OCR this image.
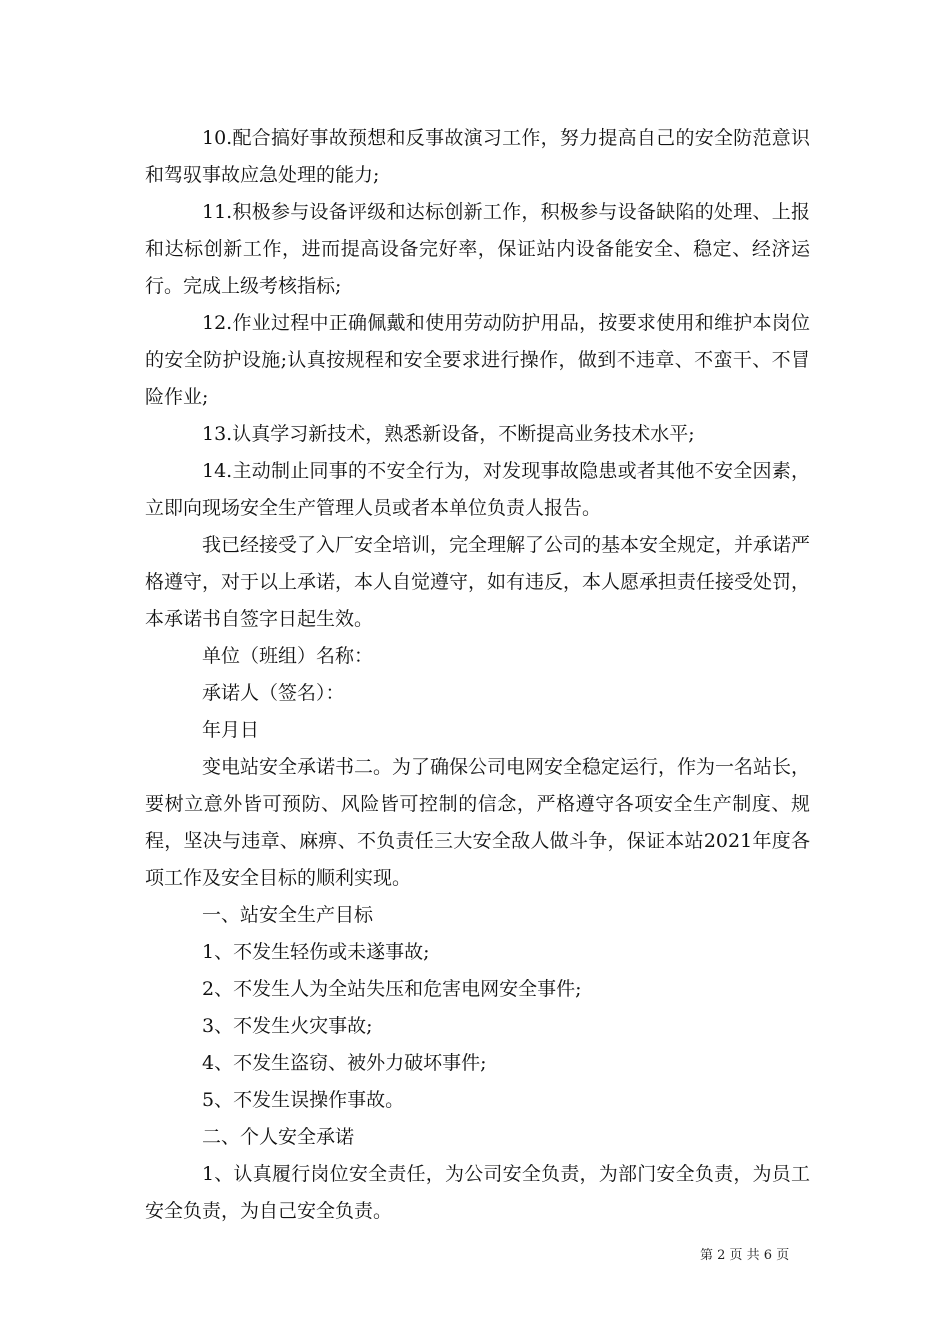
10.配合搞好事故预想和反事故演习工作，努力提高自己的安全防范意识和驾驭事故应急处理的能力;

11.积极参与设备评级和达标创新工作，积极参与设备缺陷的处理、上报和达标创新工作，进而提高设备完好率，保证站内设备能安全、稳定、经济运行。完成上级考核指标;

12.作业过程中正确佩戴和使用劳动防护用品，按要求使用和维护本岗位的安全防护设施;认真按规程和安全要求进行操作，做到不违章、不蛮干、不冒险作业;

13.认真学习新技术，熟悉新设备，不断提高业务技术水平;

14.主动制止同事的不安全行为，对发现事故隐患或者其他不安全因素，立即向现场安全生产管理人员或者本单位负责人报告。

我已经接受了入厂安全培训，完全理解了公司的基本安全规定，并承诺严格遵守，对于以上承诺，本人自觉遵守，如有违反，本人愿承担责任接受处罚，本承诺书自签字日起生效。

单位（班组）名称：

承诺人（签名）：

年月日

变电站安全承诺书二。为了确保公司电网安全稳定运行，作为一名站长，要树立意外皆可预防、风险皆可控制的信念，严格遵守各项安全生产制度、规程，坚决与违章、麻痹、不负责任三大安全敌人做斗争，保证本站2021年度各项工作及安全目标的顺利实现。

一、站安全生产目标

1、不发生轻伤或未遂事故;

2、不发生人为全站失压和危害电网安全事件;

3、不发生火灾事故;

4、不发生盗窃、被外力破坏事件;

5、不发生误操作事故。

二、个人安全承诺

1、认真履行岗位安全责任，为公司安全负责，为部门安全负责，为员工安全负责，为自己安全负责。

第 2 页 共 6 页
